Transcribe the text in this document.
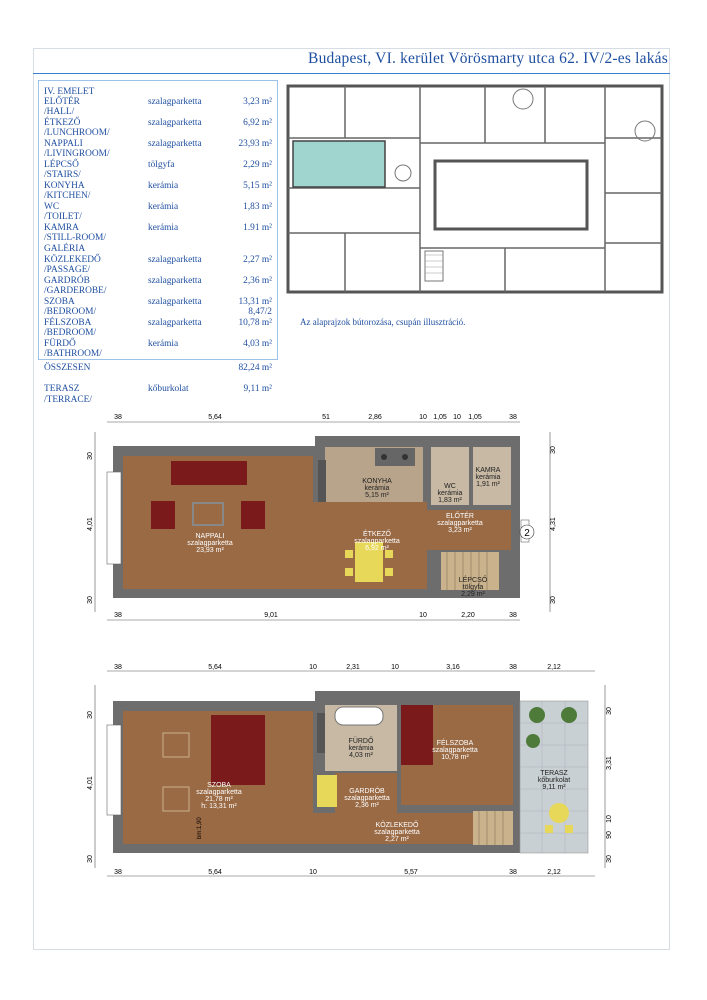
Budapest, VI. kerület Vörösmarty utca 62. IV/2-es lakás
IV. EMELET
ELŐTÉR	szalagparketta	3,23 m²
/HALL/
ÉTKEZŐ	szalagparketta	6,92 m²
/LUNCHROOM/
NAPPALI	szalagparketta	23,93 m²
/LIVINGROOM/
LÉPCSŐ	tölgyfa	2,29 m²
/STAIRS/
KONYHA	kerámia	5,15 m²
/KITCHEN/
WC	kerámia	1,83 m²
/TOILET/
KAMRA	kerámia	1.91 m²
/STILL-ROOM/
GALÉRIA
KÖZLEKEDŐ	szalagparketta	2,27 m²
/PASSAGE/
GARDRÓB	szalagparketta	2,36 m²
/GARDEROBE/
SZOBA	szalagparketta	13,31 m²
/BEDROOM/	8,47/2
FÉLSZOBA	szalagparketta	10,78 m²
/BEDROOM/
FÜRDŐ	kerámia	4,03 m²
/BATHROOM/
ÖSSZESEN	82,24 m²
TERASZ	kőburkolat	9,11 m²
/TERRACE/
Az alaprajzok bútorozása, csupán illusztráció.
38	5,64	51	2,86	10 1,05 10 1,05	38
38	9,01	10	2,20	38
30
4,01
30
30
4,31
30
2
NAPPALI
szalagparketta
23,93 m²
KONYHA
kerámia
5,15 m²
ÉTKEZŐ
szalagparketta
6,92 m²
WC
kerámia
1,83 m²
KAMRA
kerámia
1,91 m²
ELŐTÉR
szalagparketta
3,23 m²
LÉPCSŐ
tölgyfa
2,29 m²
38	5,64	10	2,31	10	3,16	38	2,12
38	5,64	10	5,57	38	2,12
30
4,01
30
30
3,31
10
90
30
bm:1,90
SZOBA
szalagparketta
21,78 m²
h: 13,31 m²
FÜRDŐ
kerámia
4,03 m²
FÉLSZOBA
szalagparketta
10,78 m²
GARDRÓB
szalagparketta
2,36 m²
KÖZLEKEDŐ
szalagparketta
2,27 m²
TERASZ
kőburkolat
9,11 m²
